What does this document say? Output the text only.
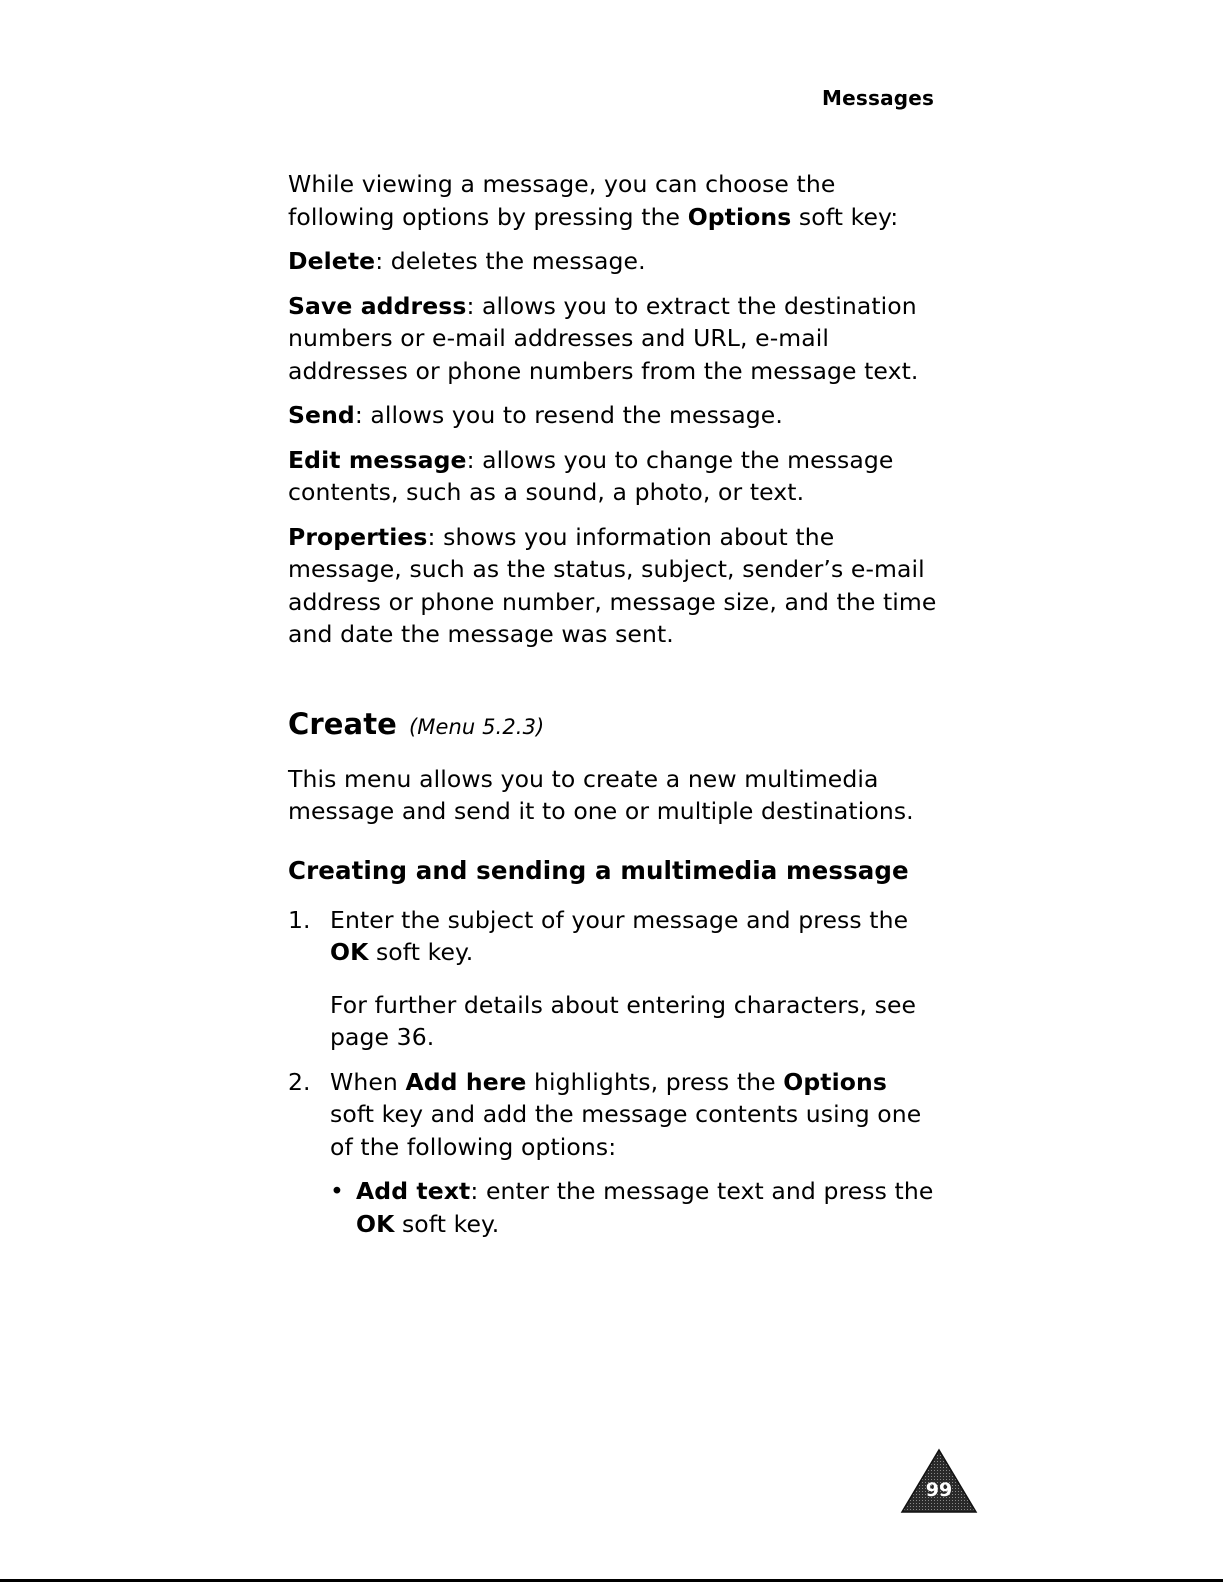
Messages

While viewing a message, you can choose the following options by pressing the Options soft key:

Delete: deletes the message.

Save address: allows you to extract the destination numbers or e-mail addresses and URL, e-mail addresses or phone numbers from the message text.

Send: allows you to resend the message.

Edit message: allows you to change the message contents, such as a sound, a photo, or text.

Properties: shows you information about the message, such as the status, subject, sender’s e-mail address or phone number, message size, and the time and date the message was sent.

Create (Menu 5.2.3)

This menu allows you to create a new multimedia message and send it to one or multiple destinations.

Creating and sending a multimedia message
1. Enter the subject of your message and press the OK soft key.
For further details about entering characters, see page 36.
2. When Add here highlights, press the Options soft key and add the message contents using one of the following options:
• Add text: enter the message text and press the OK soft key.
99
